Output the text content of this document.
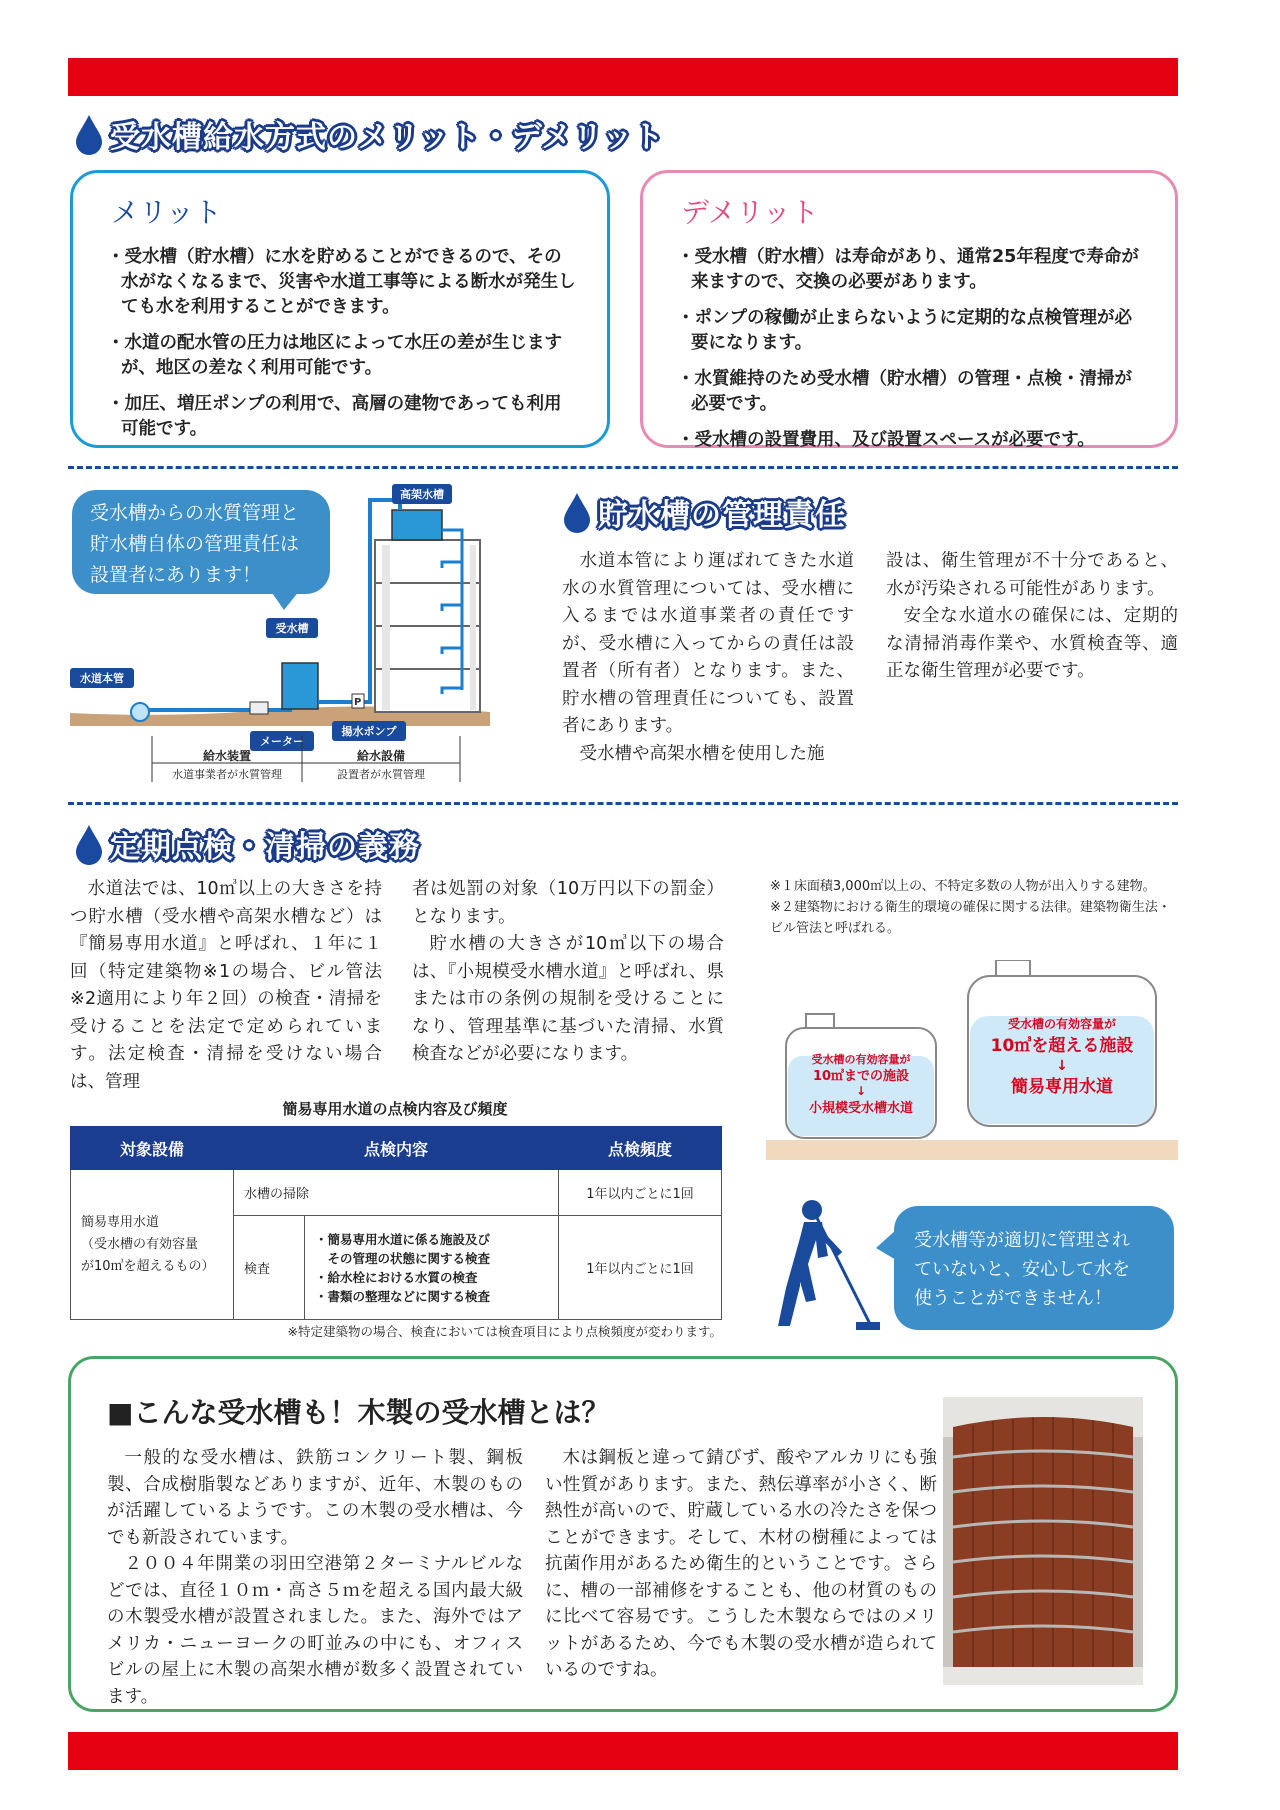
受水槽給水方式のメリット・デメリット
メリット
・受水槽（貯水槽）に水を貯めることができるので、その水がなくなるまで、災害や水道工事等による断水が発生しても水を利用することができます。
・水道の配水管の圧力は地区によって水圧の差が生じますが、地区の差なく利用可能です。
・加圧、増圧ポンプの利用で、高層の建物であっても利用可能です。
デメリット
・受水槽（貯水槽）は寿命があり、通常25年程度で寿命が来ますので、交換の必要があります。
・ポンプの稼働が止まらないように定期的な点検管理が必要になります。
・水質維持のため受水槽（貯水槽）の管理・点検・清掃が必要です。
・受水槽の設置費用、及び設置スペースが必要です。
受水槽からの水質管理と
貯水槽自体の管理責任は
設置者にあります！
P
高架水槽
受水槽
水道本管
メーター
揚水ポンプ
給水装置	給水設備
水道事業者が水質管理	設置者が水質管理
貯水槽の管理責任

水道本管により運ばれてきた水道水の水質管理については、受水槽に入るまでは水道事業者の責任ですが、受水槽に入ってからの責任は設置者（所有者）となります。また、貯水槽の管理責任についても、設置者にあります。

受水槽や高架水槽を使用した施

設は、衛生管理が不十分であると、水が汚染される可能性があります。

安全な水道水の確保には、定期的な清掃消毒作業や、水質検査等、適正な衛生管理が必要です。

定期点検・清掃の義務

水道法では、10㎥以上の大きさを持つ貯水槽（受水槽や高架水槽など）は『簡易専用水道』と呼ばれ、１年に１回（特定建築物※1の場合、ビル管法※2適用により年２回）の検査・清掃を受けることを法定で定められています。法定検査・清掃を受けない場合は、管理

者は処罰の対象（10万円以下の罰金）となります。

貯水槽の大きさが10㎥以下の場合は、『小規模受水槽水道』と呼ばれ、県または市の条例の規制を受けることになり、管理基準に基づいた清掃、水質検査などが必要になります。

※１床面積3,000㎡以上の、不特定多数の人物が出入りする建物。
※２建築物における衛生的環境の確保に関する法律。建築物衛生法・ビル管法と呼ばれる。
受水槽の有効容量が
10㎥までの施設
↓
小規模受水槽水道
受水槽の有効容量が
10㎥を超える施設
↓
簡易専用水道
簡易専用水道の点検内容及び頻度
対象設備	点検内容		点検頻度

簡易専用水道
（受水槽の有効容量
が10㎥を超えるもの）	水槽の掃除		1年以内ごとに1回
	検査	・簡易専用水道に係る施設及び
　その管理の状態に関する検査
・給水栓における水質の検査
・書類の整理などに関する検査	1年以内ごとに1回
※特定建築物の場合、検査においては検査項目により点検頻度が変わります。
受水槽等が適切に管理され
ていないと、安心して水を
使うことができません！
■こんな受水槽も！木製の受水槽とは？

一般的な受水槽は、鉄筋コンクリート製、鋼板製、合成樹脂製などありますが、近年、木製のものが活躍しているようです。この木製の受水槽は、今でも新設されています。

２００４年開業の羽田空港第２ターミナルビルなどでは、直径１０ｍ・高さ５ｍを超える国内最大級の木製受水槽が設置されました。また、海外ではアメリカ・ニューヨークの町並みの中にも、オフィスビルの屋上に木製の高架水槽が数多く設置されています。

木は鋼板と違って錆びず、酸やアルカリにも強い性質があります。また、熱伝導率が小さく、断熱性が高いので、貯蔵している水の冷たさを保つことができます。そして、木材の樹種によっては抗菌作用があるため衛生的ということです。さらに、槽の一部補修をすることも、他の材質のものに比べて容易です。こうした木製ならではのメリットがあるため、今でも木製の受水槽が造られているのですね。
